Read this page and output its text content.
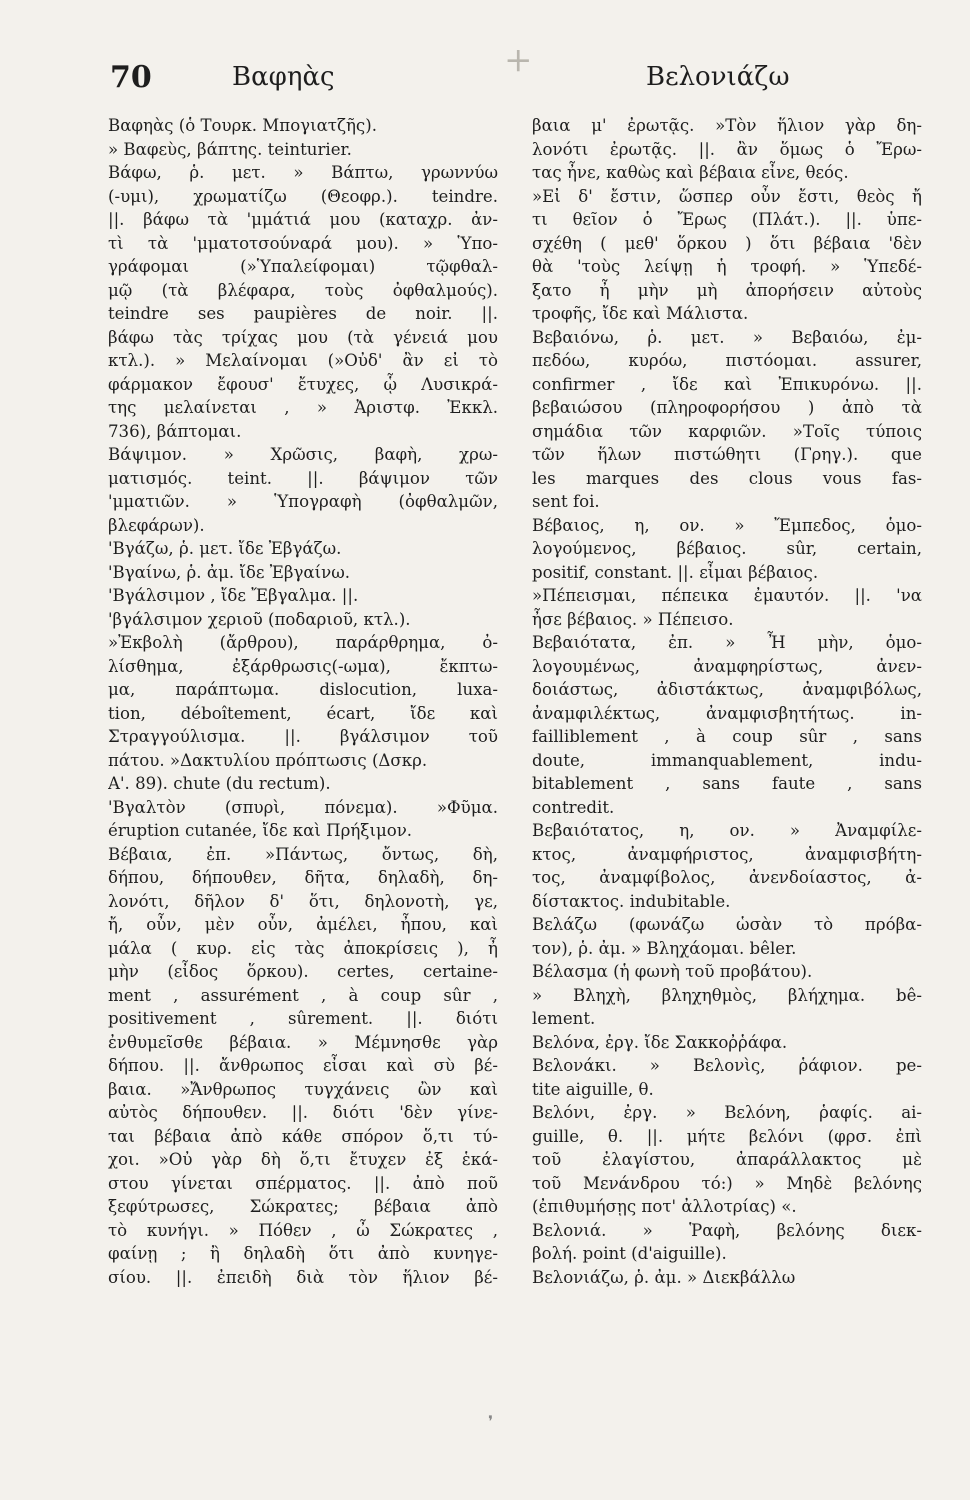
70	Βαφηὰς	Βελονιάζω
+
Βαφηὰς (ὁ Τουρκ. Μπογιατζῆς).
» Βαφεὺς, βάπτης. teinturier.
Βάφω, ῥ. μετ. » Βάπτω, γρωννύω
(-υμι), χρωματίζω (Θεοφρ.). teindre.
||. βάφω τὰ 'μμάτιά μου (καταχρ. ἀν-
τὶ τὰ 'μματοτσούναρά μου). » Ὑπο-
γράφομαι (»Ὑπαλείφομαι) τῷφθαλ-
μῷ (τὰ βλέφαρα, τοὺς ὀφθαλμούς).
teindre ses paupières de noir. ||.
βάφω τὰς τρίχας μου (τὰ γένειά μου
κτλ.). » Μελαίνομαι (»Οὐδ' ἂν εἰ τὸ
φάρμακον ἔφουσ' ἔτυχες, ᾧ Λυσικρά-
της μελαίνεται , » Ἀριστφ. Ἐκκλ.
736), βάπτομαι.
Βάψιμον. » Χρῶσις, βαφὴ, χρω-
ματισμός. teint. ||. βάψιμον τῶν
'μματιῶν. » Ὑπογραφὴ (ὀφθαλμῶν,
βλεφάρων).
'Βγάζω, ῥ. μετ. ἴδε Ἐβγάζω.
'Βγαίνω, ῥ. ἀμ. ἴδε Ἐβγαίνω.
'Βγάλσιμον , ἴδε Ἔβγαλμα. ||.
'βγάλσιμον χεριοῦ (ποδαριοῦ, κτλ.).
»Ἐκβολὴ (ἄρθρου), παράρθρημα, ὀ-
λίσθημα, ἐξάρθρωσις(-ωμα), ἔκπτω-
μα, παράπτωμα. dislocution, luxa-
tion, déboîtement, écart, ἴδε καὶ
Στραγγούλισμα. ||. βγάλσιμον τοῦ
πάτου. »Δακτυλίου πρόπτωσις (Δσκρ.
Α'. 89). chute (du rectum).
'Βγαλτὸν (σπυρὶ, πόνεμα). »Φῦμα.
éruption cutanée, ἴδε καὶ Πρήξιμον.
Βέβαια, ἐπ. »Πάντως, ὄντως, δὴ,
δήπου, δήπουθεν, δῆτα, δηλαδὴ, δη-
λονότι, δῆλον δ' ὅτι, δηλονοτὴ, γε,
ἤ, οὖν, μὲν οὖν, ἀμέλει, ἦπου, καὶ
μάλα ( κυρ. εἰς τὰς ἀποκρίσεις ), ἦ
μὴν (εἶδος ὅρκου). certes, certaine-
ment , assurément , à coup sûr ,
positivement , sûrement. ||. διότι
ἐνθυμεῖσθε βέβαια. » Μέμνησθε γὰρ
δήπου. ||. ἄνθρωπος εἶσαι καὶ σὺ βέ-
βαια. »Ἄνθρωπος τυγχάνεις ὢν καὶ
αὐτὸς δήπουθεν. ||. διότι 'δὲν γίνε-
ται βέβαια ἀπὸ κάθε σπόρον ὅ,τι τύ-
χοι. »Οὐ γὰρ δὴ ὅ,τι ἔτυχεν ἐξ ἑκά-
στου γίνεται σπέρματος. ||. ἀπὸ ποῦ
ξεφύτρωσες, Σώκρατες; βέβαια ἀπὸ
τὸ κυνήγι. » Πόθεν , ὦ Σώκρατες ,
φαίνῃ ; ἢ δηλαδὴ ὅτι ἀπὸ κυνηγε-
σίου. ||. ἐπειδὴ διὰ τὸν ἥλιον βέ-
βαια μ' ἐρωτᾷς. »Τὸν ἥλιον γὰρ δη-
λονότι ἐρωτᾷς. ||. ἂν ὅμως ὁ Ἔρω-
τας ἦνε, καθὼς καὶ βέβαια εἶνε, θεός.
»Εἰ δ' ἔστιν, ὥσπερ οὖν ἔστι, θεὸς ἤ
τι θεῖον ὁ Ἔρως (Πλάτ.). ||. ὑπε-
σχέθη ( μεθ' ὅρκου ) ὅτι βέβαια 'δὲν
θὰ 'τοὺς λείψῃ ἡ τροφή. » Ὑπεδέ-
ξατο ἦ μὴν μὴ ἀπορήσειν αὐτοὺς
τροφῆς, ἴδε καὶ Μάλιστα.
Βεβαιόνω, ῥ. μετ. » Βεβαιόω, ἐμ-
πεδόω, κυρόω, πιστόομαι. assurer,
confirmer , ἴδε καὶ Ἐπικυρόνω. ||.
βεβαιώσου (πληροφορήσου ) ἀπὸ τὰ
σημάδια τῶν καρφιῶν. »Τοῖς τύποις
τῶν ἥλων πιστώθητι (Γρηγ.). que
les marques des clous vous fas-
sent foi.
Βέβαιος, η, ον. » Ἔμπεδος, ὁμο-
λογούμενος, βέβαιος. sûr, certain,
positif, constant. ||. εἶμαι βέβαιος.
»Πέπεισμαι, πέπεικα ἐμαυτόν. ||. 'να
ἦσε βέβαιος. » Πέπεισο.
Βεβαιότατα, ἐπ. » Ἦ μὴν, ὁμο-
λογουμένως, ἀναμφηρίστως, ἀνεν-
δοιάστως, ἀδιστάκτως, ἀναμφιβόλως,
ἀναμφιλέκτως, ἀναμφισβητήτως. in-
failliblement , à coup sûr , sans
doute, immanquablement, indu-
bitablement , sans faute , sans
contredit.
Βεβαιότατος, η, ον. » Ἀναμφίλε-
κτος, ἀναμφήριστος, ἀναμφισβήτη-
τος, ἀναμφίβολος, ἀνενδοίαστος, ἀ-
δίστακτος. indubitable.
Βελάζω (φωνάζω ὡσὰν τὸ πρόβα-
τον), ῥ. ἀμ. » Βληχάομαι. bêler.
Βέλασμα (ἡ φωνὴ τοῦ προβάτου).
» Βληχὴ, βληχηθμὸς, βλήχημα. bê-
lement.
Βελόνα, ἐργ. ἴδε Σακκοῤῥάφα.
Βελονάκι. » Βελονὶς, ῥάφιον. pe-
tite aiguille, θ.
Βελόνι, ἐργ. » Βελόνη, ῥαφίς. ai-
guille, θ. ||. μήτε βελόνι (φρσ. ἐπὶ
τοῦ ἐλαγίστου, ἀπαράλλακτος μὲ
τοῦ Μενάνδρου τό:) » Μηδὲ βελόνης
(ἐπιθυμήσῃς ποτ' ἀλλοτρίας) «.
Βελονιά. » Ῥαφὴ, βελόνης διεκ-
βολή. point (d'aiguille).
Βελονιάζω, ῥ. ἀμ. » Διεκβάλλω
❜
